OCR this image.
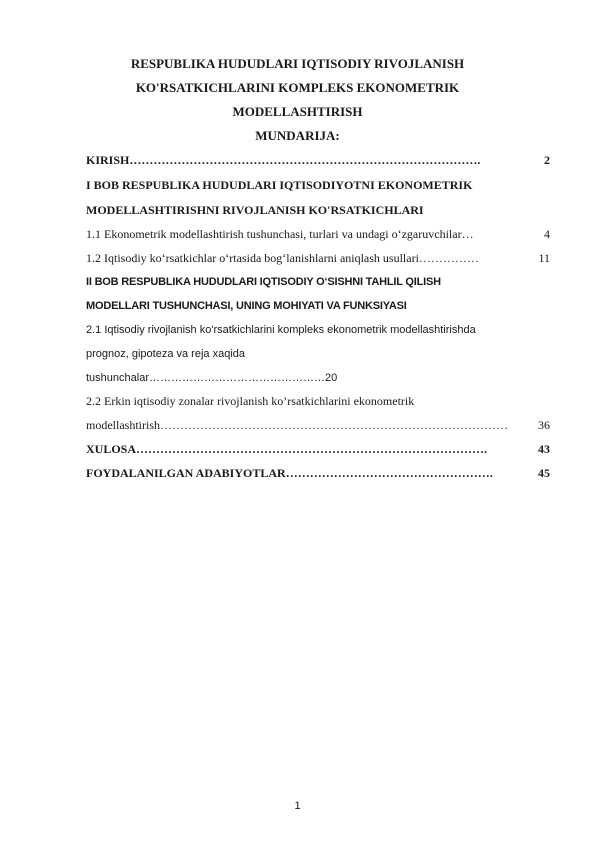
RESPUBLIKA HUDUDLARI IQTISODIY RIVOJLANISH
KO'RSATKICHLARINI KOMPLEKS EKONOMETRIK
MODELLASHTIRISH
MUNDARIJA:
KIRISH…………………………………………………………………………….	2
I BOB RESPUBLIKA HUDUDLARI IQTISODIYOTNI EKONOMETRIK
MODELLASHTIRISHNI RIVOJLANISH KO'RSATKICHLARI
1.1 Ekonometrik modellashtirish tushunchasi, turlari va undagi o‘zgaruvchilar…	4
1.2 Iqtisodiy ko‘rsatkichlar o‘rtasida bog‘lanishlarni aniqlash usullari……………	11
II BOB RESPUBLIKA HUDUDLARI IQTISODIY O‘SISHNI TAHLIL QILISH
MODELLARI TUSHUNCHASI, UNING MOHIYATI VA FUNKSIYASI
2.1 Iqtisodiy rivojlanish ko'rsatkichlarini kompleks ekonometrik modellashtirishda
prognoz, gipoteza va reja xaqida
tushunchalar…………………………………………20
2.2 Erkin iqtisodiy zonalar rivojlanish ko’rsatkichlarini ekonometrik
modellashtirish……………………………………………………………………………	36
XULOSA…………………………………………………………………………….	43
FOYDALANILGAN ADABIYOTLAR…………………………………………….	45
1
